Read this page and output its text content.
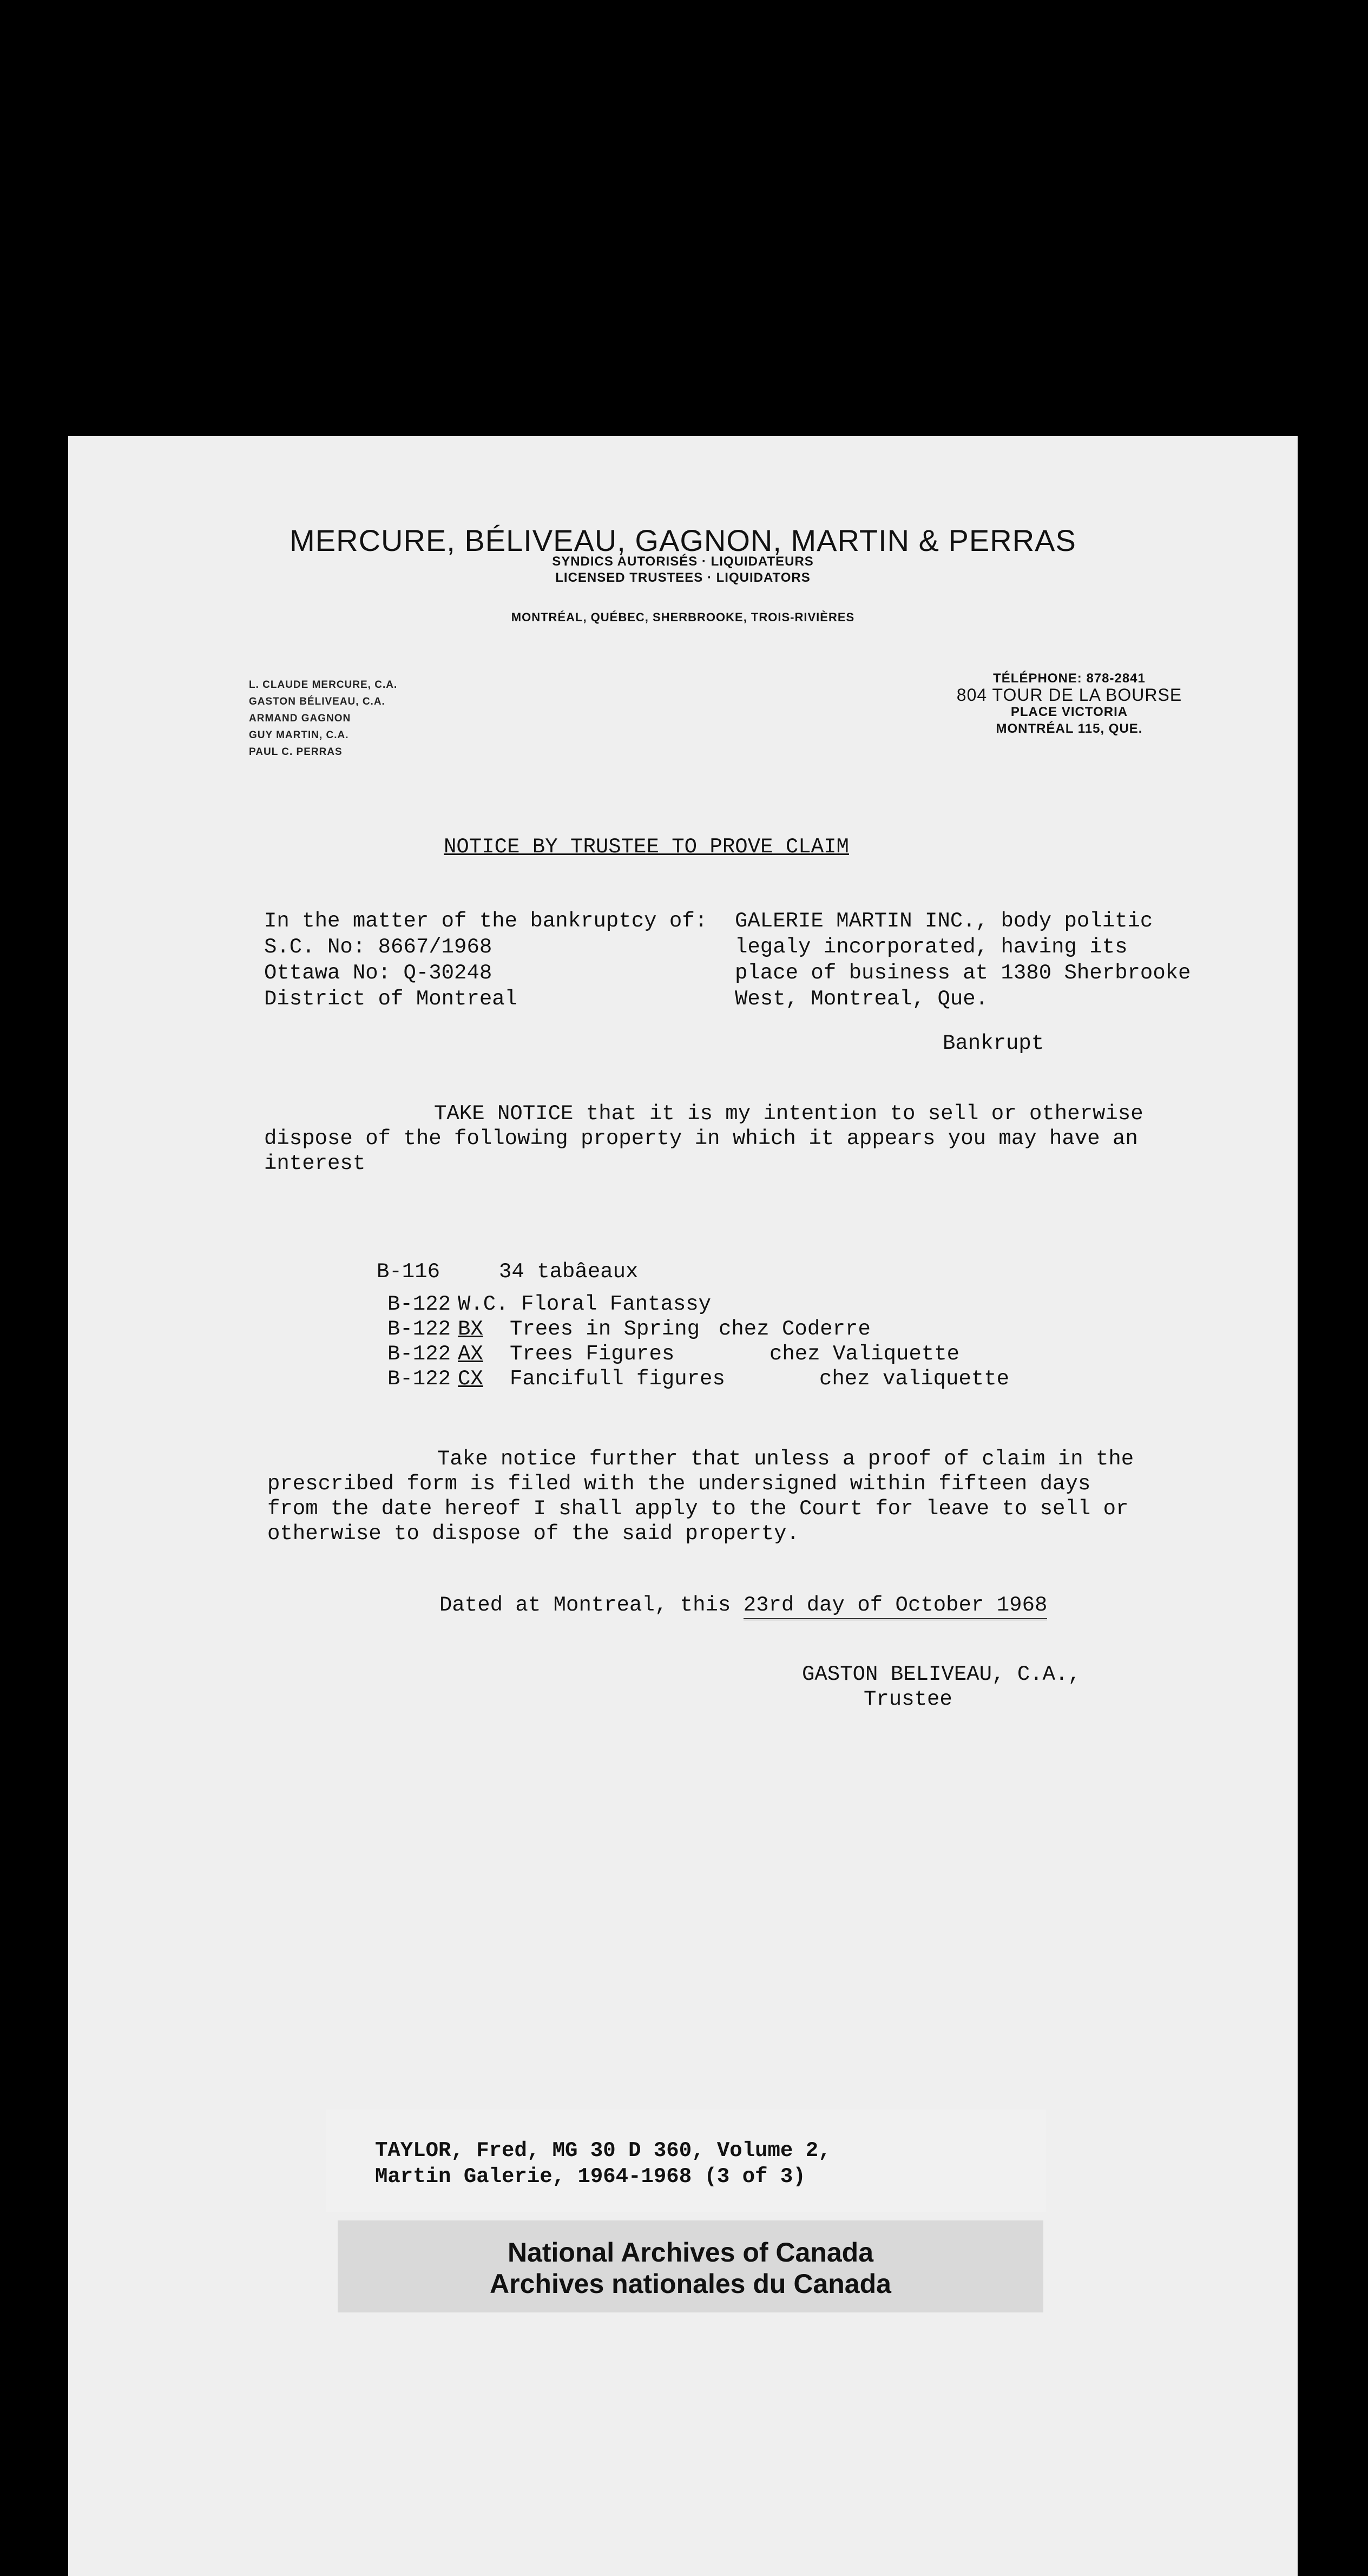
MERCURE, BÉLIVEAU, GAGNON, MARTIN & PERRAS
SYNDICS AUTORISÉS · LIQUIDATEURS
LICENSED TRUSTEES · LIQUIDATORS
MONTRÉAL, QUÉBEC, SHERBROOKE, TROIS-RIVIÈRES
L. CLAUDE MERCURE, C.A.
GASTON BÉLIVEAU, C.A.
ARMAND GAGNON
GUY MARTIN, C.A.
PAUL C. PERRAS
TÉLÉPHONE: 878-2841
804 TOUR DE LA BOURSE
PLACE VICTORIA
MONTRÉAL 115, QUE.
NOTICE BY TRUSTEE TO PROVE CLAIM
In the matter of the bankruptcy of:
S.C. No: 8667/1968
Ottawa No: Q-30248
District of Montreal
GALERIE MARTIN INC., body politic
legaly incorporated, having its
place of business at 1380 Sherbrooke
West, Montreal, Que.
Bankrupt
TAKE NOTICE that it is my intention to sell or otherwise
dispose of the following property in which it appears you may have an
interest
B-116	34 tabâeaux
B-122 W.C. Floral Fantassy
B-122 BX Trees in Spring chez Coderre
B-122 AX Trees Figures	chez Valiquette
B-122 CX Fancifull figures	chez valiquette
Take notice further that unless a proof of claim in the
prescribed form is filed with the undersigned within fifteen days
from the date hereof I shall apply to the Court for leave to sell or
otherwise to dispose of the said property.
Dated at Montreal, this 23rd day of October 1968
GASTON BELIVEAU, C.A.,
Trustee
TAYLOR, Fred, MG 30 D 360, Volume 2,
Martin Galerie, 1964-1968 (3 of 3)
National Archives of Canada
Archives nationales du Canada
